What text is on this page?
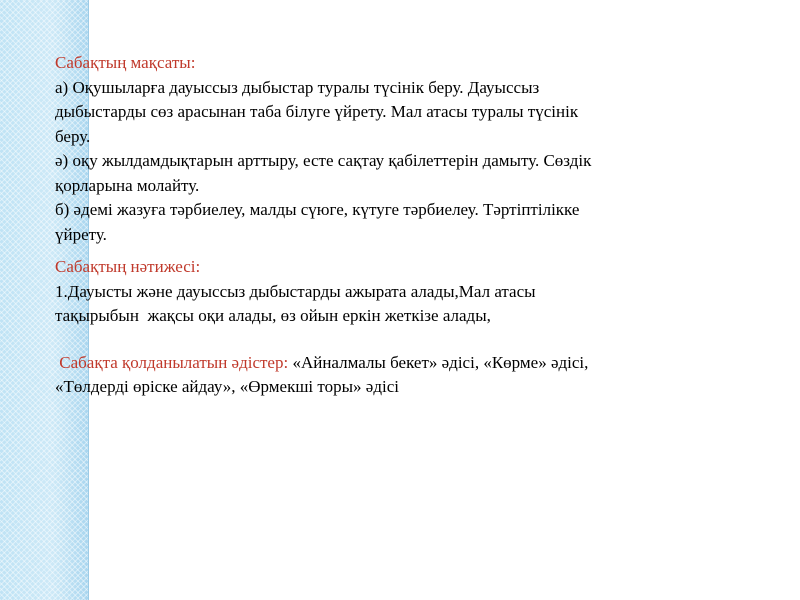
Сабақтың мақсаты:
а) Оқушыларға дауыссыз дыбыстар туралы түсінік беру. Дауыссыз
дыбыстарды сөз арасынан таба білуге үйрету. Мал атасы туралы түсінік
беру.
ә) оқу жылдамдықтарын арттыру, есте сақтау қабілеттерін дамыту. Сөздік
қорларына молайту.
б) әдемі жазуға тәрбиелеу, малды сүюге, күтуге тәрбиелеу. Тәртіптілікке
үйрету.
Сабақтың нәтижесі:
1.Дауысты және дауыссыз дыбыстарды ажырата алады,Мал атасы
тақырыбын  жақсы оқи алады, өз ойын еркін жеткізе алады,
Сабақта қолданылатын әдістер: «Айналмалы бекет» әдісі, «Көрме» әдісі,
«Төлдерді өріске айдау», «Өрмекші торы» әдісі
